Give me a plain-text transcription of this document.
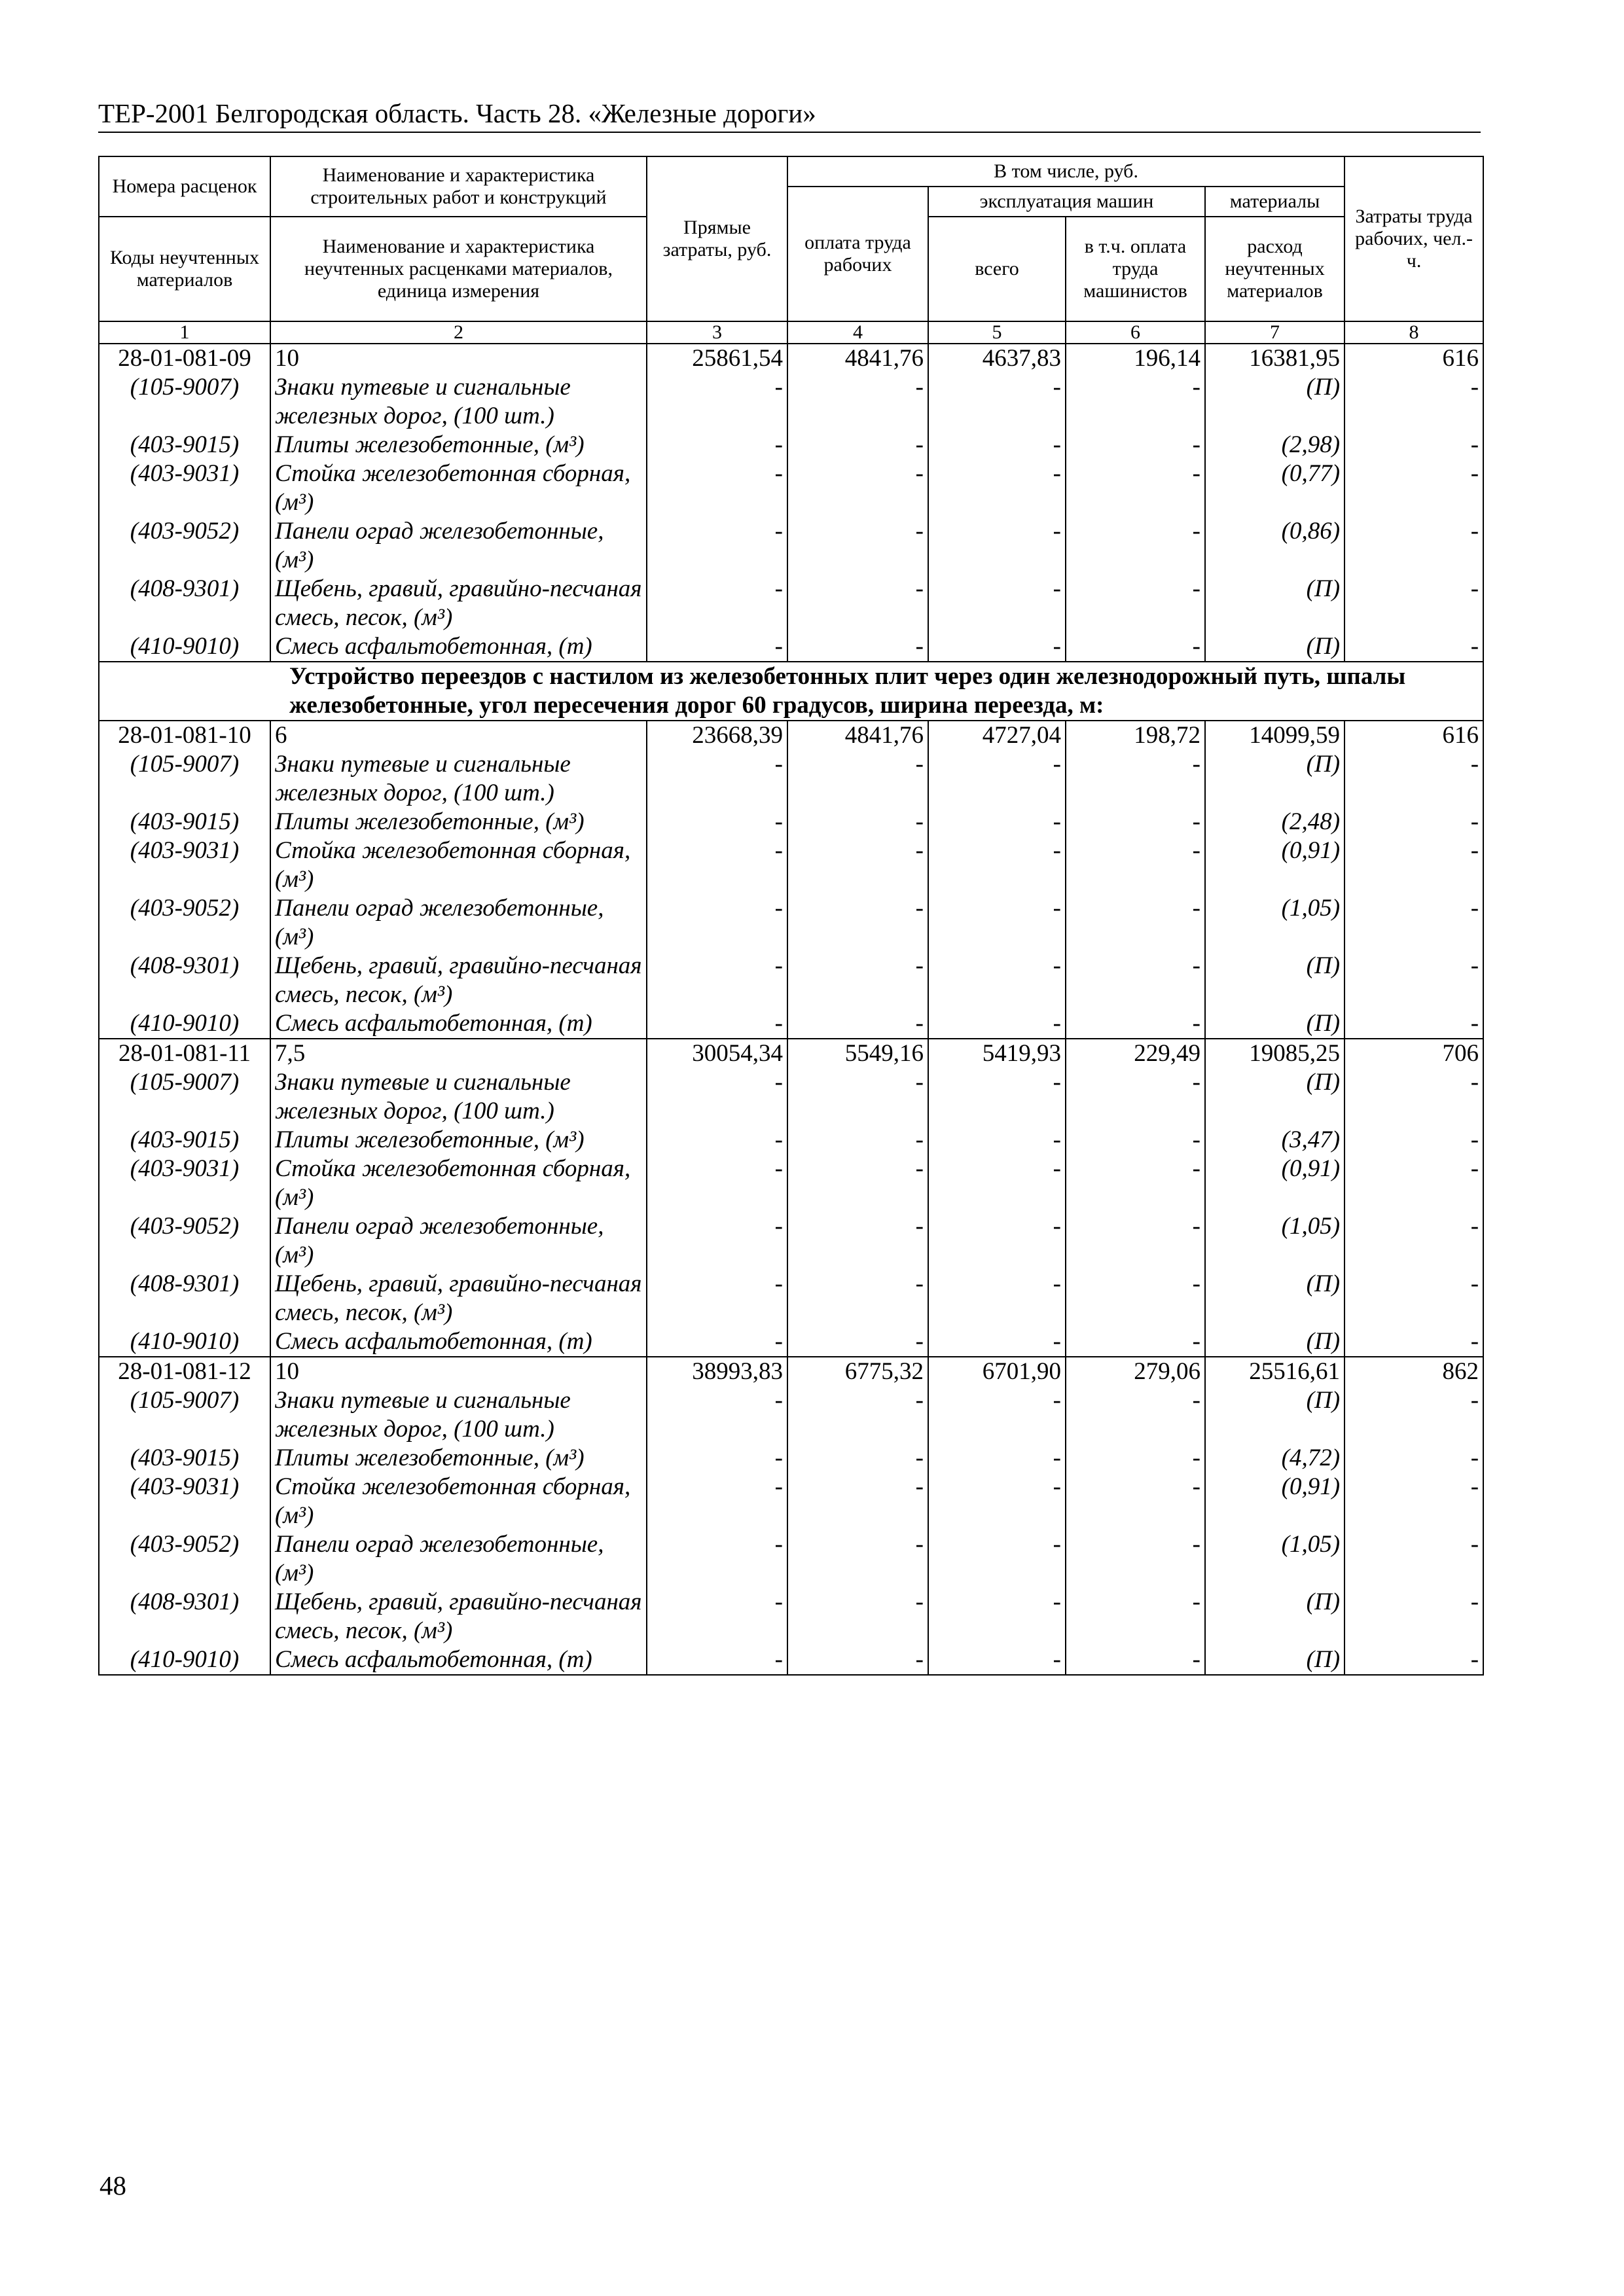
ТЕР-2001 Белгородская область. Часть 28. «Железные дороги»
Номера расценок	Наименование и характеристика строительных работ и конструкций	Прямые затраты, руб.	В том числе, руб.				Затраты труда рабочих, чел.-ч.
			оплата труда рабочих	эксплуатация машин		материалы	
Коды неучтенных материалов	Наименование и характеристика неучтенных расценками материалов, единица измерения			всего	в т.ч. оплата труда машинистов	расход неучтенных материалов	

1	2	3	4	5	6	7	8
28-01-081-09	10	25861,54	4841,76	4637,83	196,14	16381,95	616
(105-9007)	Знаки путевые и сигнальные железных дорог, (100 шт.)	-	-	-	-	(П)	-
(403-9015)	Плиты железобетонные, (м³)	-	-	-	-	(2,98)	-
(403-9031)	Стойка железобетонная сборная, (м³)	-	-	-	-	(0,77)	-
(403-9052)	Панели оград железобетонные, (м³)	-	-	-	-	(0,86)	-
(408-9301)	Щебень, гравий, гравийно-песчаная смесь, песок, (м³)	-	-	-	-	(П)	-
(410-9010)	Смесь асфальтобетонная, (т)	-	-	-	-	(П)	-
Устройство переездов с настилом из железобетонных плит через один железнодорожный путь, шпалы железобетонные, угол пересечения дорог 60 градусов, ширина переезда, м:							
28-01-081-10	6	23668,39	4841,76	4727,04	198,72	14099,59	616
(105-9007)	Знаки путевые и сигнальные железных дорог, (100 шт.)	-	-	-	-	(П)	-
(403-9015)	Плиты железобетонные, (м³)	-	-	-	-	(2,48)	-
(403-9031)	Стойка железобетонная сборная, (м³)	-	-	-	-	(0,91)	-
(403-9052)	Панели оград железобетонные, (м³)	-	-	-	-	(1,05)	-
(408-9301)	Щебень, гравий, гравийно-песчаная смесь, песок, (м³)	-	-	-	-	(П)	-
(410-9010)	Смесь асфальтобетонная, (т)	-	-	-	-	(П)	-
28-01-081-11	7,5	30054,34	5549,16	5419,93	229,49	19085,25	706
(105-9007)	Знаки путевые и сигнальные железных дорог, (100 шт.)	-	-	-	-	(П)	-
(403-9015)	Плиты железобетонные, (м³)	-	-	-	-	(3,47)	-
(403-9031)	Стойка железобетонная сборная, (м³)	-	-	-	-	(0,91)	-
(403-9052)	Панели оград железобетонные, (м³)	-	-	-	-	(1,05)	-
(408-9301)	Щебень, гравий, гравийно-песчаная смесь, песок, (м³)	-	-	-	-	(П)	-
(410-9010)	Смесь асфальтобетонная, (т)	-	-	-	-	(П)	-
28-01-081-12	10	38993,83	6775,32	6701,90	279,06	25516,61	862
(105-9007)	Знаки путевые и сигнальные железных дорог, (100 шт.)	-	-	-	-	(П)	-
(403-9015)	Плиты железобетонные, (м³)	-	-	-	-	(4,72)	-
(403-9031)	Стойка железобетонная сборная, (м³)	-	-	-	-	(0,91)	-
(403-9052)	Панели оград железобетонные, (м³)	-	-	-	-	(1,05)	-
(408-9301)	Щебень, гравий, гравийно-песчаная смесь, песок, (м³)	-	-	-	-	(П)	-
(410-9010)	Смесь асфальтобетонная, (т)	-	-	-	-	(П)	-
48
